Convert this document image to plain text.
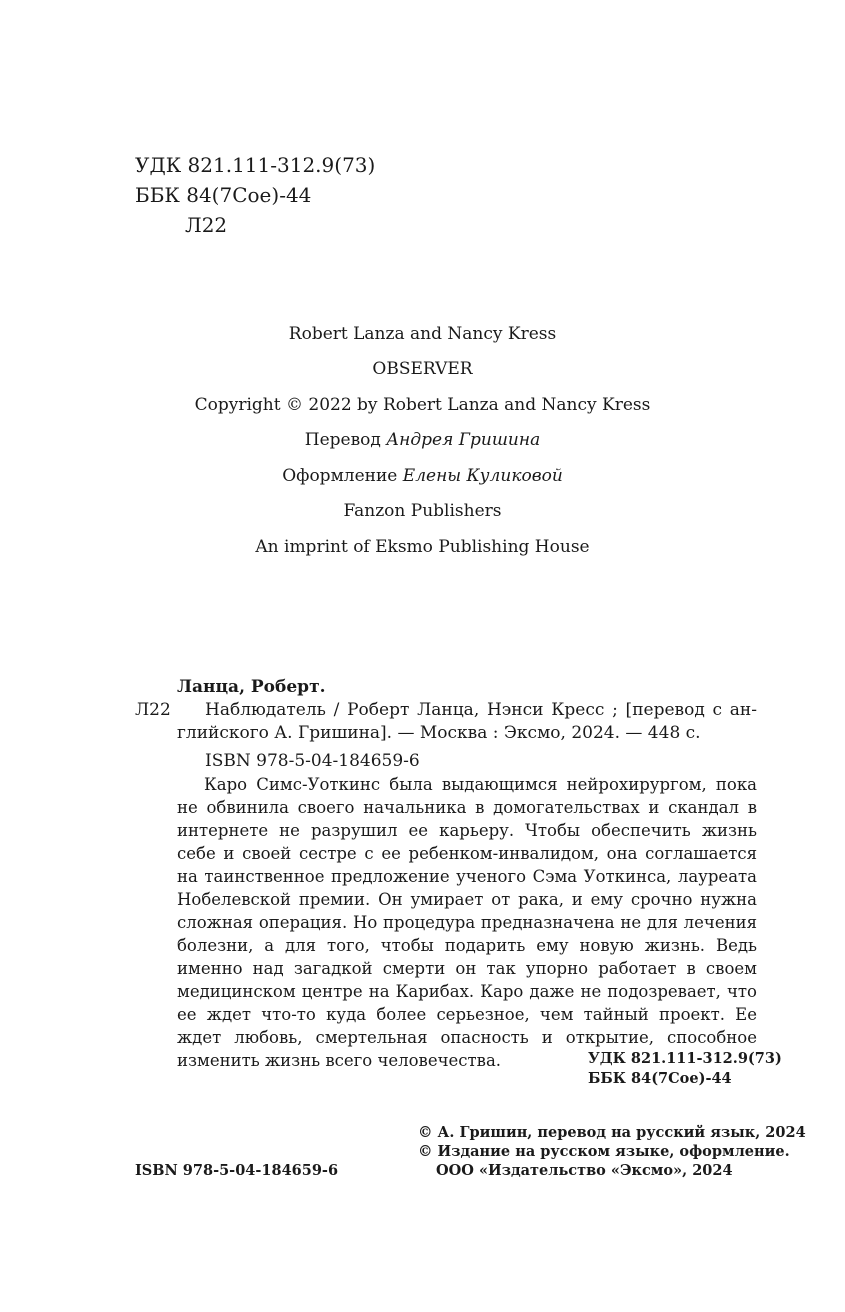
УДК 821.111-312.9(73)
ББК 84(7Сое)-44
Л22
Robert Lanza and Nancy Kress
OBSERVER
Copyright © 2022 by Robert Lanza and Nancy Kress
Перевод Андрея Гришина
Оформление Елены Куликовой
Fanzon Publishers
An imprint of Eksmo Publishing House
Ланца, Роберт.
Л22 Наблюдатель / Роберт Ланца, Нэнси Кресс ; [перевод с ан-
глийского А. Гришина]. — Москва : Эксмо, 2024. — 448 с.
ISBN 978-5-04-184659-6
Каро Симс-Уоткинс была выдающимся нейрохирургом, пока не обвинила своего начальника в домогательствах и скандал в интернете не разрушил ее карьеру. Чтобы обеспечить жизнь себе и своей сестре с ее ребенком-инвалидом, она соглашается на таинственное предложение ученого Сэма Уоткинса, лауреата Нобелевской премии. Он умирает от рака, и ему срочно нужна сложная операция. Но процедура предназначена не для лечения болезни, а для того, чтобы подарить ему новую жизнь. Ведь именно над загадкой смерти он так упорно работает в своем медицинском центре на Карибах. Каро даже не подозревает, что ее ждет что-то куда более серьезное, чем тайный проект. Ее ждет любовь, смертельная опасность и открытие, способное изменить жизнь всего человечества.	УДК 821.111-312.9(73)
ББК 84(7Сое)-44
© А. Гришин, перевод на русский язык, 2024
© Издание на русском языке, оформление.
ООО «Издательство «Эксмо», 2024
ISBN 978-5-04-184659-6
